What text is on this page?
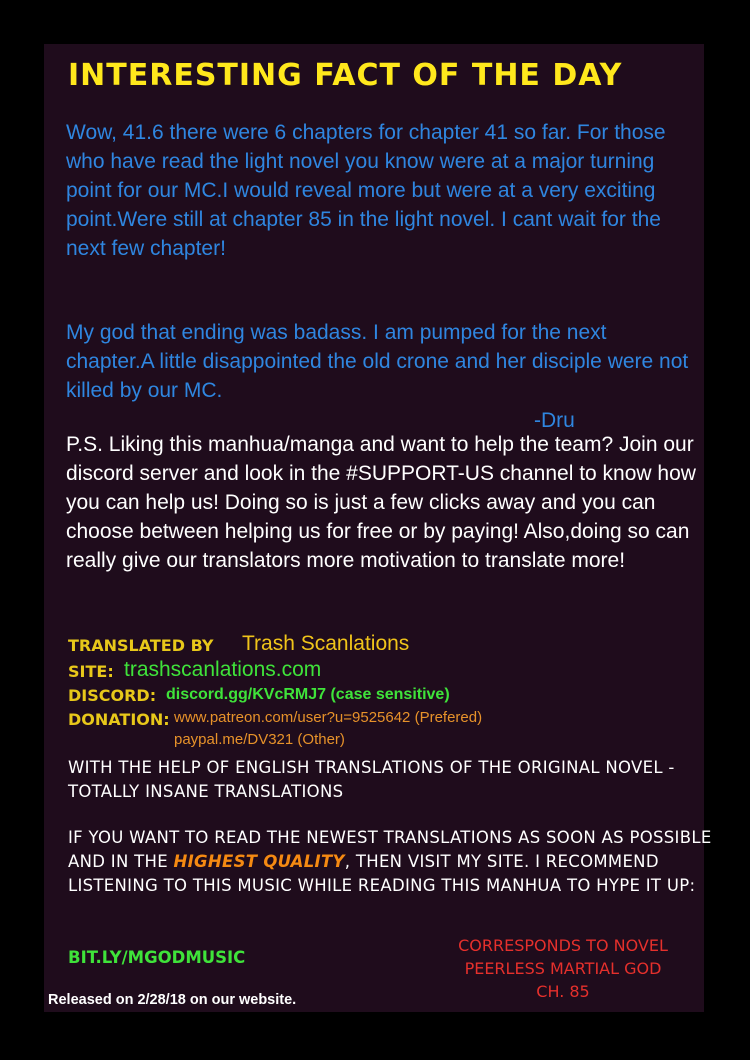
INTERESTING FACT OF THE DAY

Wow, 41.6 there were 6 chapters for chapter 41 so far. For those who have read the light novel you know were at a major turning point for our MC.I would reveal more but were at a very exciting point.Were still at chapter 85 in the light novel. I cant wait for the next few chapter!

My god that ending was badass. I am pumped for the next chapter.A little disappointed the old crone and her disciple were not killed by our MC.

-Dru

P.S. Liking this manhua/manga and want to help the team? Join our discord server and look in the #SUPPORT-US channel to know how you can help us! Doing so is just a few clicks away and you can choose between helping us for free or by paying! Also,doing so can really give our translators more motivation to translate more!

TRANSLATED BY Trash Scanlations
SITE: trashscanlations.com
DISCORD: discord.gg/KVcRMJ7 (case sensitive)
DONATION: www.patreon.com/user?u=9525642 (Prefered)
paypal.me/DV321 (Other)

WITH THE HELP OF ENGLISH TRANSLATIONS OF THE ORIGINAL NOVEL - TOTALLY INSANE TRANSLATIONS

IF YOU WANT TO READ THE NEWEST TRANSLATIONS AS SOON AS POSSIBLE AND IN THE HIGHEST QUALITY, THEN VISIT MY SITE. I RECOMMEND LISTENING TO THIS MUSIC WHILE READING THIS MANHUA TO HYPE IT UP:

BIT.LY/MGODMUSIC
CORRESPONDS TO NOVEL
PEERLESS MARTIAL GOD
CH. 85
Released on 2/28/18 on our website.
